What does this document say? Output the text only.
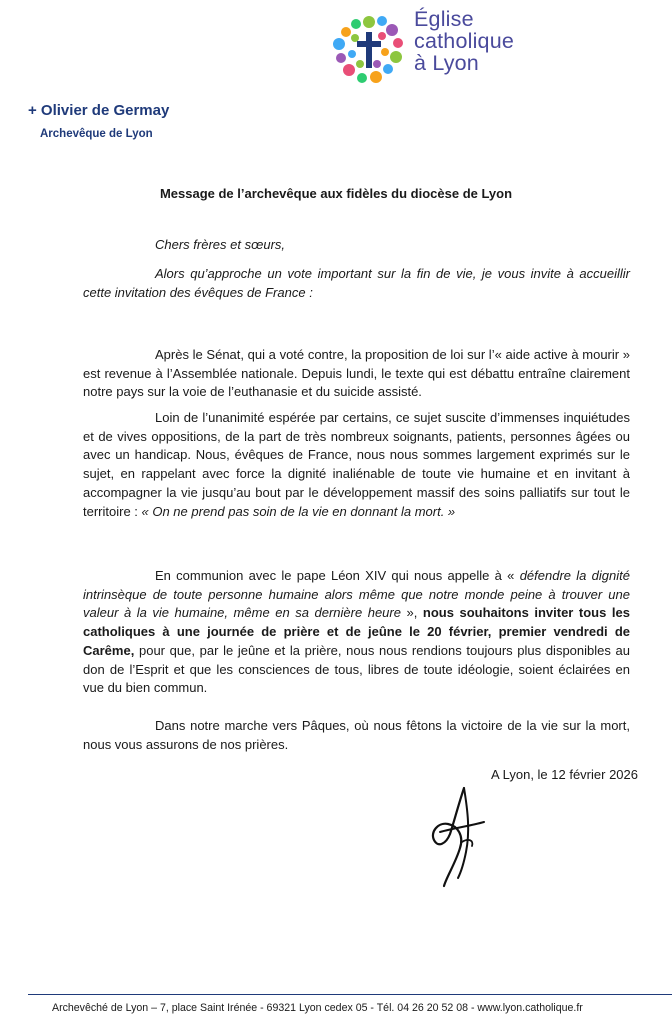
Église
catholique
à Lyon
+ Olivier de Germay
Archevêque de Lyon
Message de l’archevêque aux fidèles du diocèse de Lyon
Chers frères et sœurs,
Alors qu’approche un vote important sur la fin de vie, je vous invite à accueillir cette invitation des évêques de France :
Après le Sénat, qui a voté contre, la proposition de loi sur l’« aide active à mourir » est revenue à l’Assemblée nationale. Depuis lundi, le texte qui est débattu entraîne clairement notre pays sur la voie de l’euthanasie et du suicide assisté.
Loin de l’unanimité espérée par certains, ce sujet suscite d’immenses inquiétudes et de vives oppositions, de la part de très nombreux soignants, patients, personnes âgées ou avec un handicap. Nous, évêques de France, nous nous sommes largement exprimés sur le sujet, en rappelant avec force la dignité inaliénable de toute vie humaine et en invitant à accompagner la vie jusqu’au bout par le développement massif des soins palliatifs sur tout le territoire : « On ne prend pas soin de la vie en donnant la mort. »
En communion avec le pape Léon XIV qui nous appelle à « défendre la dignité intrinsèque de toute personne humaine alors même que notre monde peine à trouver une valeur à la vie humaine, même en sa dernière heure », nous souhaitons inviter tous les catholiques à une journée de prière et de jeûne le 20 février, premier vendredi de Carême, pour que, par le jeûne et la prière, nous nous rendions toujours plus disponibles au don de l’Esprit et que les consciences de tous, libres de toute idéologie, soient éclairées en vue du bien commun.
Dans notre marche vers Pâques, où nous fêtons la victoire de la vie sur la mort, nous vous assurons de nos prières.
A Lyon, le 12 février 2026
Archevêché de Lyon – 7, place Saint Irénée - 69321 Lyon cedex 05 - Tél. 04 26 20 52 08 - www.lyon.catholique.fr
